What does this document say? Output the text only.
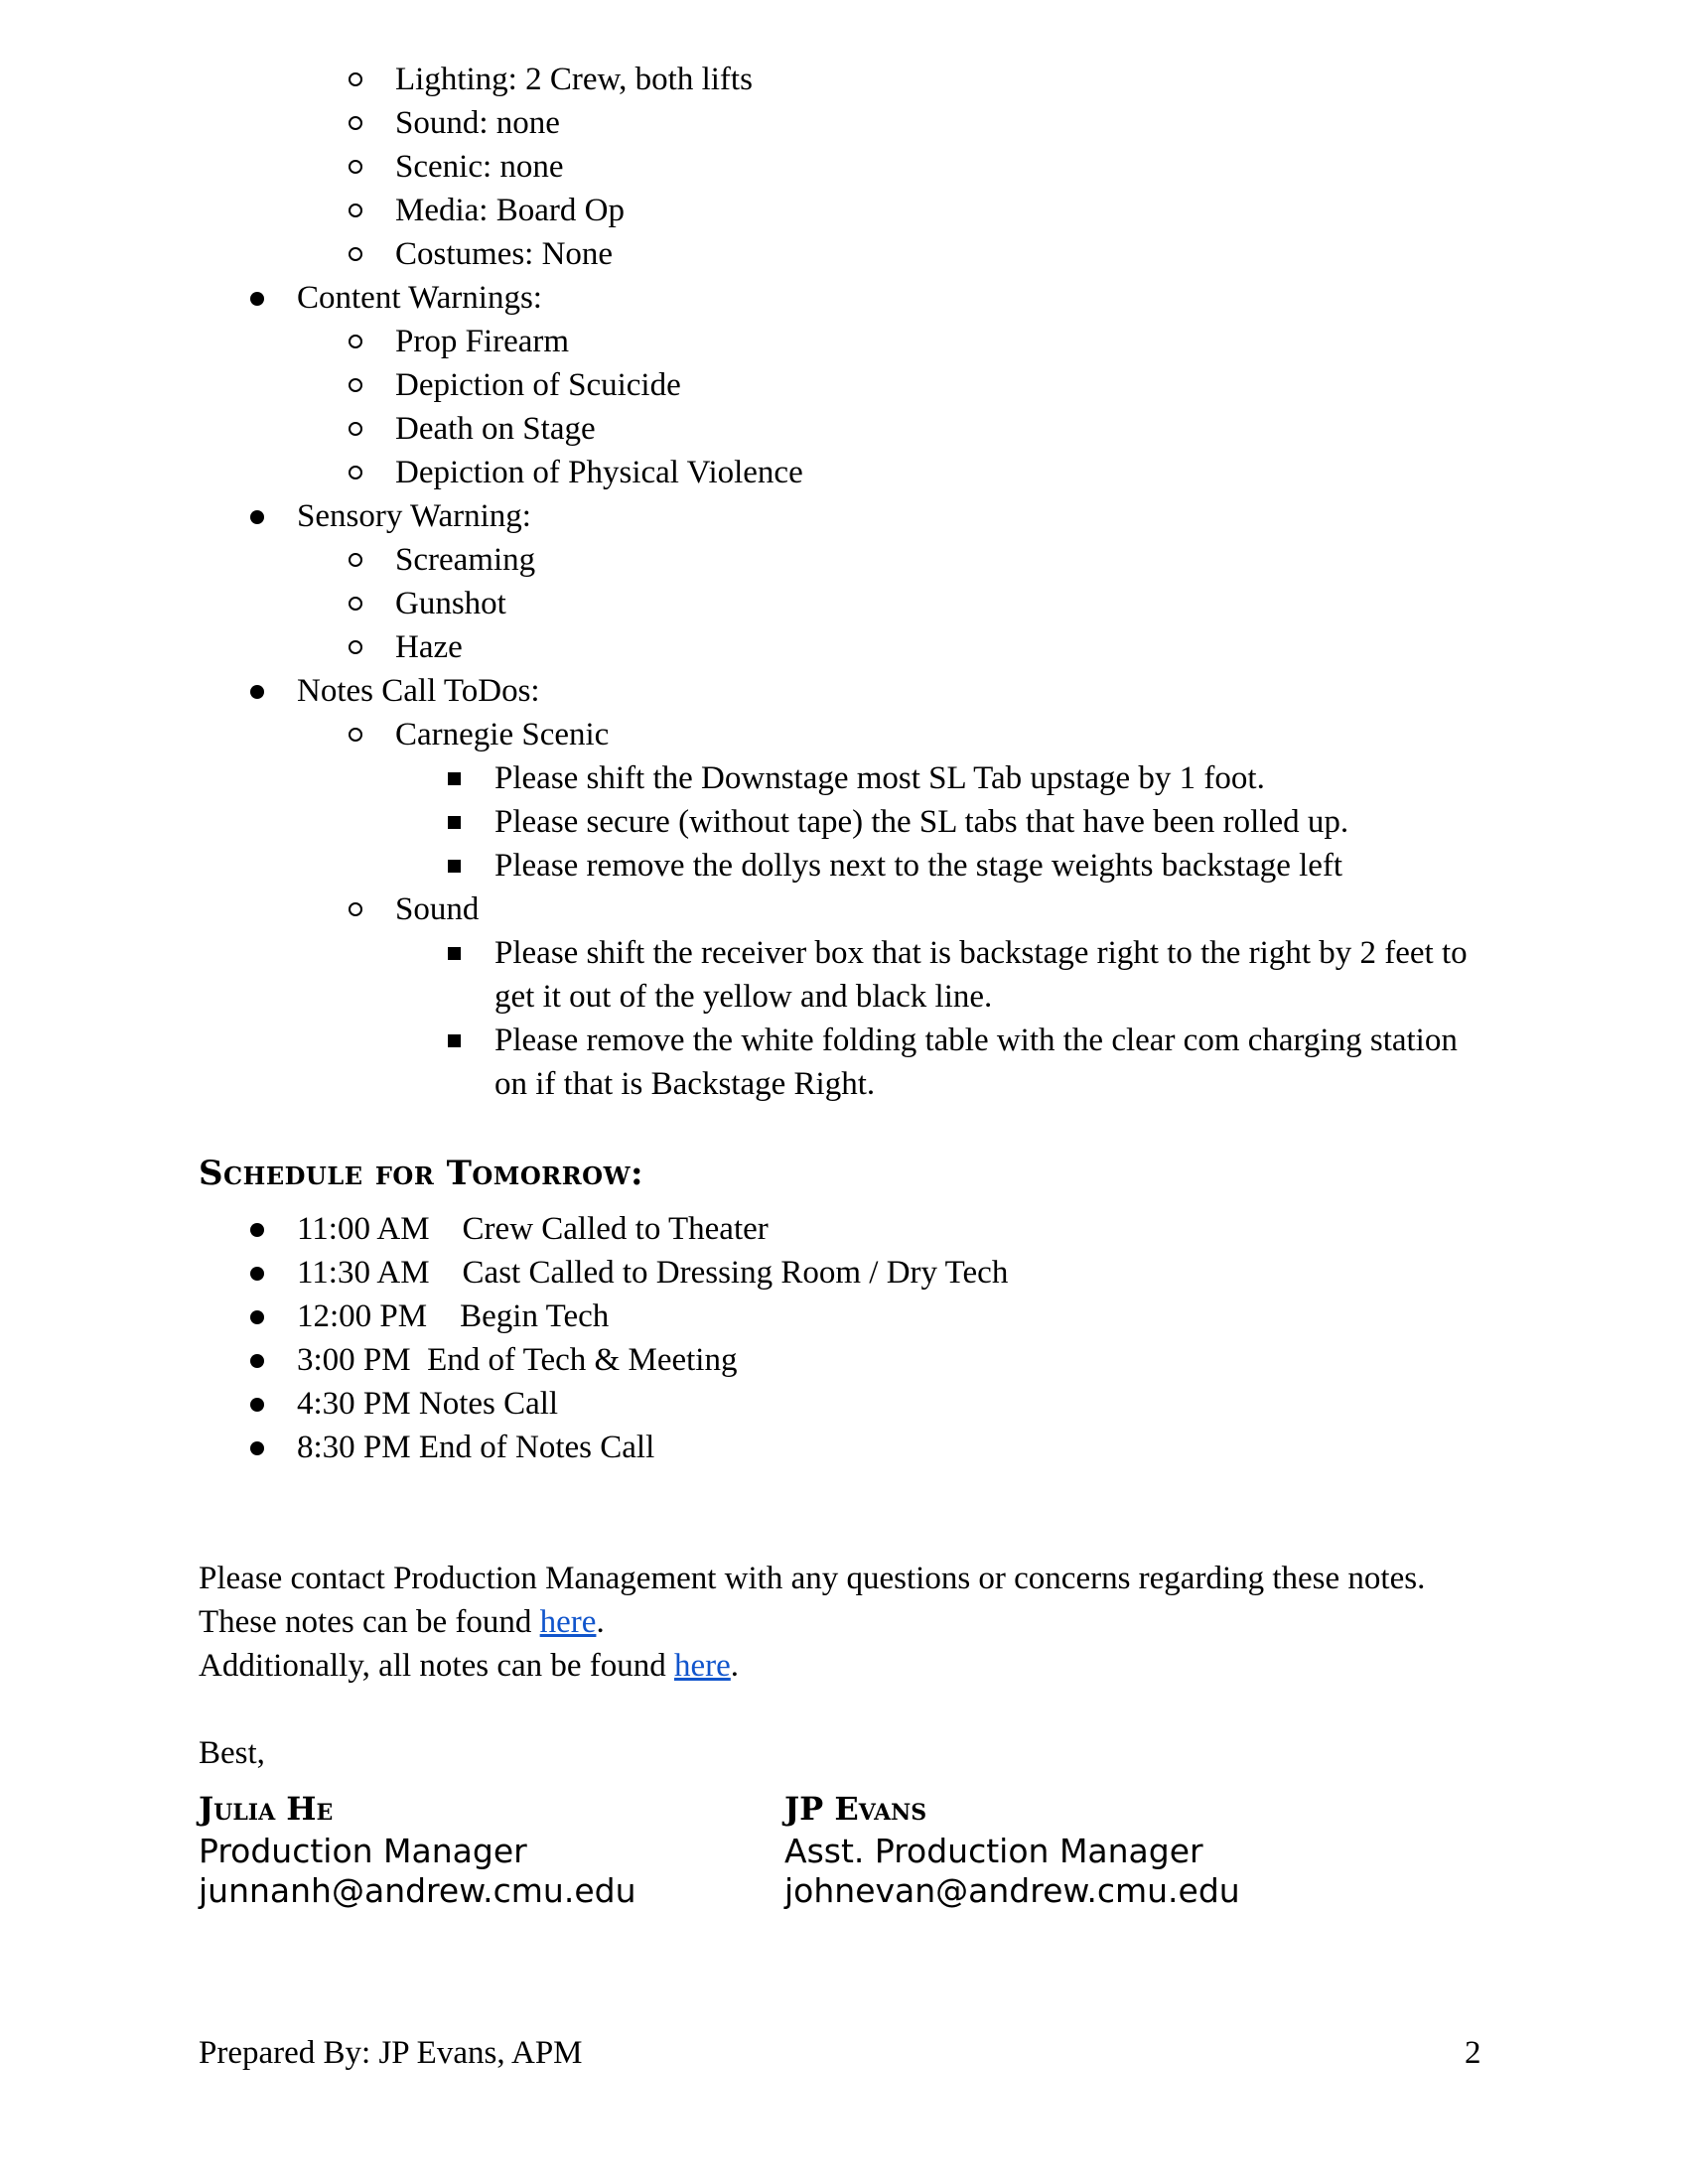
Lighting: 2 Crew, both lifts
Sound: none
Scenic: none
Media: Board Op
Costumes: None
Content Warnings:
Prop Firearm
Depiction of Scuicide
Death on Stage
Depiction of Physical Violence
Sensory Warning:
Screaming
Gunshot
Haze
Notes Call ToDos:
Carnegie Scenic
Please shift the Downstage most SL Tab upstage by 1 foot.
Please secure (without tape) the SL tabs that have been rolled up.
Please remove the dollys next to the stage weights backstage left
Sound
Please shift the receiver box that is backstage right to the right by 2 feet to
get it out of the yellow and black line.
Please remove the white folding table with the clear com charging station
on if that is Backstage Right.
Schedule for Tomorrow:
11:00 AM    Crew Called to Theater
11:30 AM    Cast Called to Dressing Room / Dry Tech
12:00 PM    Begin Tech
3:00 PM  End of Tech & Meeting
4:30 PM Notes Call
8:30 PM End of Notes Call
Please contact Production Management with any questions or concerns regarding these notes.
These notes can be found here.
Additionally, all notes can be found here.
Best,
Julia He
Production Manager
junnanh@andrew.cmu.edu
JP Evans
Asst. Production Manager
johnevan@andrew.cmu.edu
Prepared By: JP Evans, APM	2
